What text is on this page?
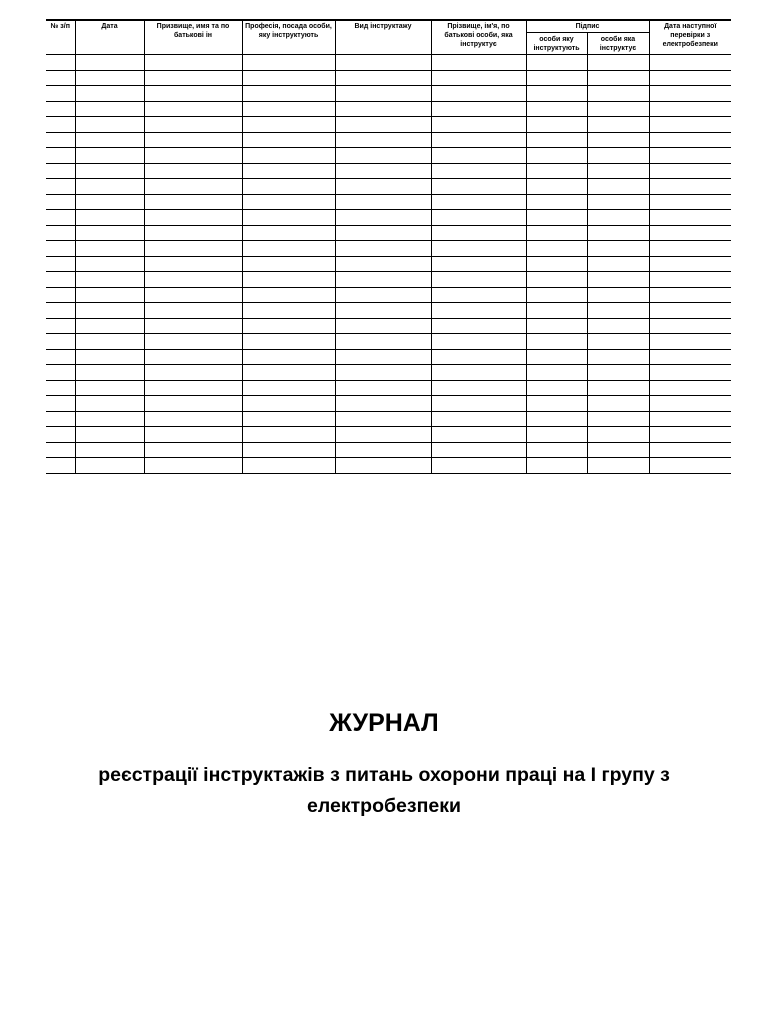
№ з/п	Дата	Призвище, имя та по батькові ін	Професія, посада особи, яку інструктують	Вид інструктажу	Прізвище, ім'я, по батькові особи, яка інструктує	Підпис		Дата наступної перевірки з електробезпеки
						особи яку інструктують	особи яка інструктує	

ЖУРНАЛ

реєстрації інструктажів з питань охорони праці на І групу з електробезпеки
